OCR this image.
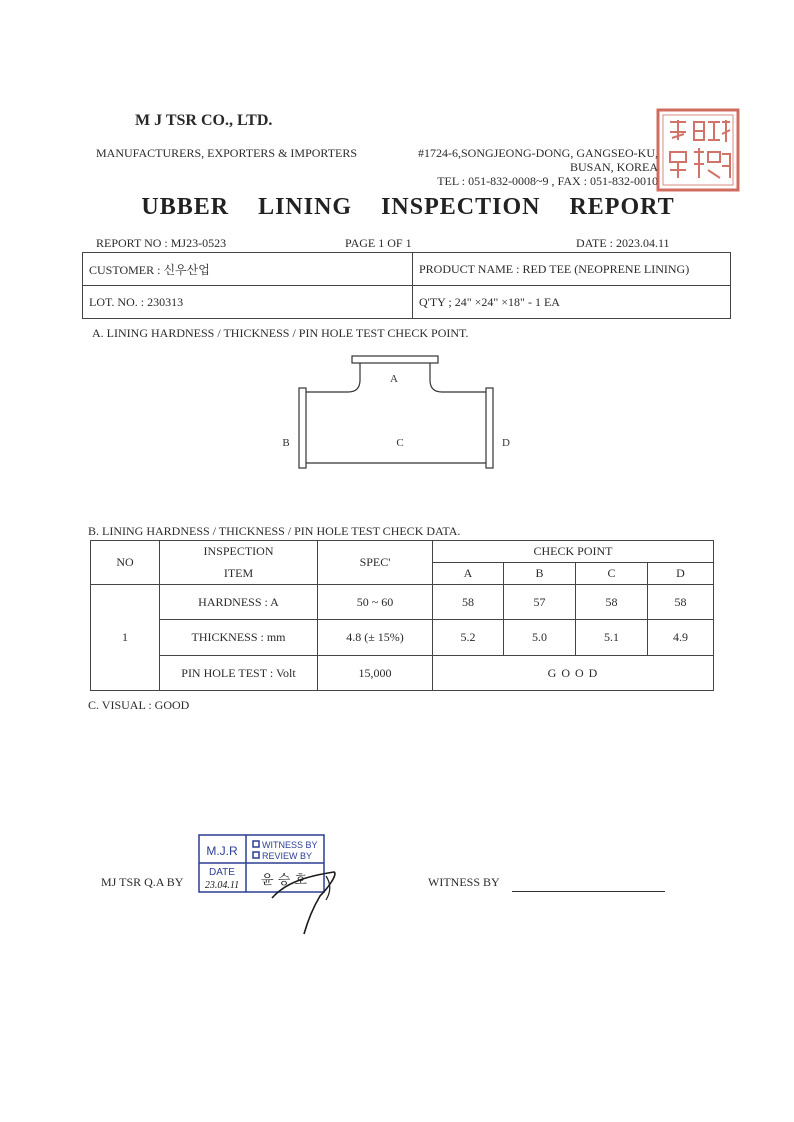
M J TSR CO., LTD.
MANUFACTURERS, EXPORTERS & IMPORTERS	#1724-6,SONGJEONG-DONG, GANGSEO-KU,
BUSAN, KOREA
TEL : 051-832-0008~9 , FAX : 051-832-0010
UBBER LINING INSPECTION REPORT
REPORT NO : MJ23-0523	PAGE 1 OF 1	DATE : 2023.04.11
CUSTOMER : 신우산업	PRODUCT NAME : RED TEE (NEOPRENE LINING)
LOT. NO. : 230313	Q'TY ; 24" ×24" ×18" - 1 EA
A. LINING HARDNESS / THICKNESS / PIN HOLE TEST CHECK POINT.
A
B	C	D
B. LINING HARDNESS / THICKNESS / PIN HOLE TEST CHECK DATA.
NO	INSPECTION	SPEC'	CHECK POINT			
	ITEM		A	B	C	D
1	HARDNESS : A	50 ~ 60	58	57	58	58
	THICKNESS : mm	4.8 (± 15%)	5.2	5.0	5.1	4.9
	PIN HOLE TEST : Volt	15,000	G O O D			
C. VISUAL : GOOD
MJ TSR Q.A BY
M.J.R	WITNESS BY
REVIEW BY
DATE
23.04.11 윤 승 호	WITNESS BY
